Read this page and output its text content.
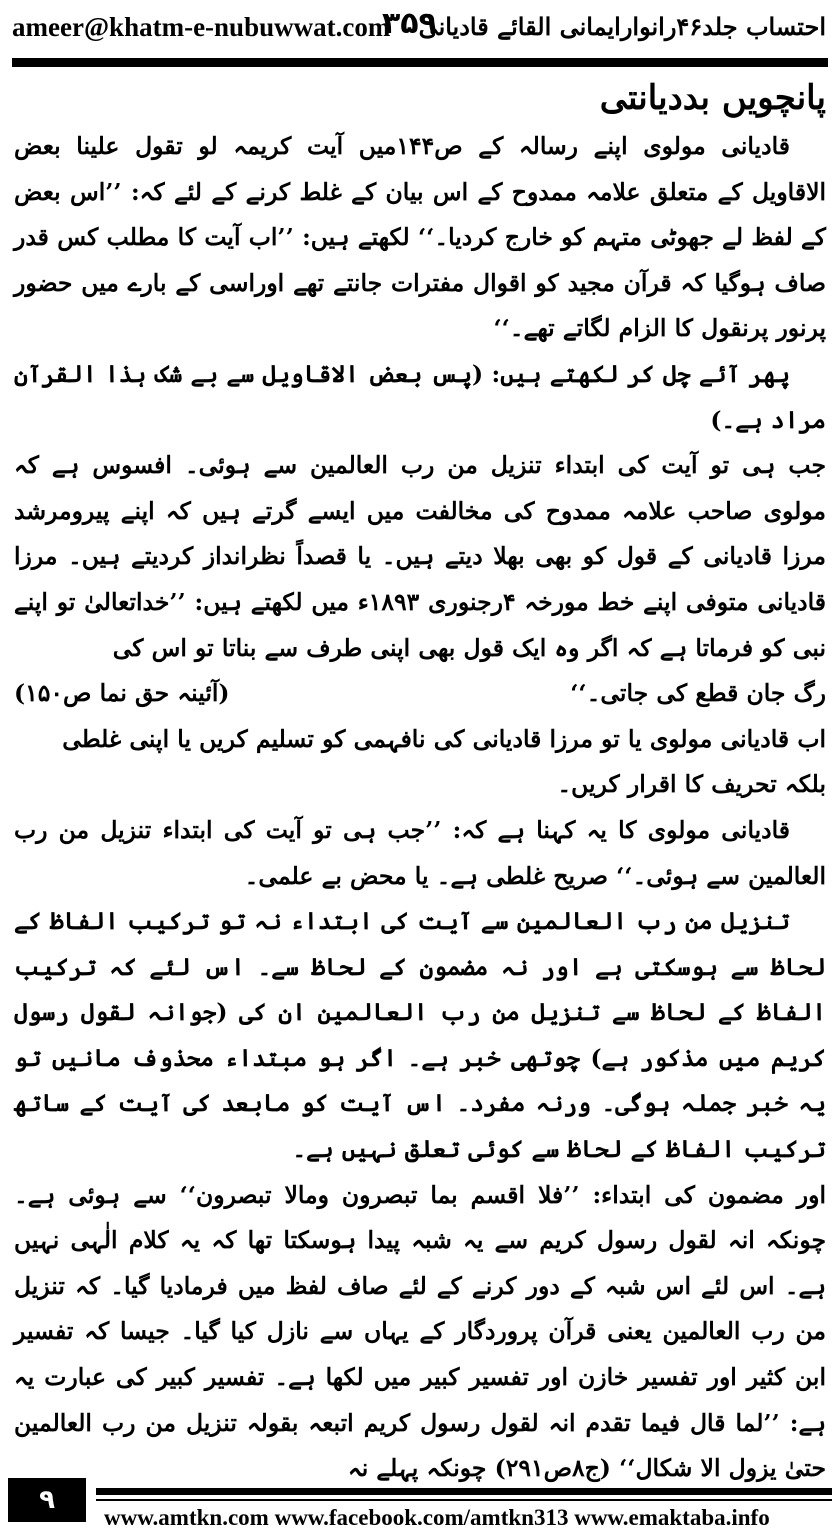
ameer@khatm-e-nubuwwat.com
۳۵۹
احتساب جلد۴۶رانوارایمانی القائے قادیانی
پانچویں بددیانتی

قادیانی مولوی اپنے رسالہ کے ص۱۴۴میں آیت کریمہ لو تقول علینا بعض الاقاویل کے متعلق علامہ ممدوح کے اس بیان کے غلط کرنے کے لئے کہ: ’’اس بعض کے لفظ لے جھوٹی متہم کو خارج کردیا۔‘‘ لکھتے ہیں: ’’اب آیت کا مطلب کس قدر صاف ہوگیا کہ قرآن مجید کو اقوال مفترات جانتے تھے اوراسی کے بارے میں حضور پرنور پرنقول کا الزام لگاتے تھے۔‘‘

پھر آئے چل کر لکھتے ہیں: (پس بعض الاقاویل سے بے شک ہذا القرآن مراد ہے۔)

جب ہی تو آیت کی ابتداء تنزیل من رب العالمین سے ہوئی۔ افسوس ہے کہ مولوی صاحب علامہ ممدوح کی مخالفت میں ایسے گرتے ہیں کہ اپنے پیرومرشد مرزا قادیانی کے قول کو بھی بھلا دیتے ہیں۔ یا قصداً نظرانداز کردیتے ہیں۔ مرزا قادیانی متوفی اپنے خط مورخہ ۴رجنوری ۱۸۹۳ء میں لکھتے ہیں: ’’خداتعالیٰ تو اپنے نبی کو فرماتا ہے کہ اگر وہ ایک قول بھی اپنی طرف سے بناتا تو اس کی

رگ جان قطع کی جاتی۔‘‘
(آئینہ حق نما ص۱۵۰)

اب قادیانی مولوی یا تو مرزا قادیانی کی نافہمی کو تسلیم کریں یا اپنی غلطی بلکہ تحریف کا اقرار کریں۔

قادیانی مولوی کا یہ کہنا ہے کہ: ’’جب ہی تو آیت کی ابتداء تنزیل من رب العالمین سے ہوئی۔‘‘ صریح غلطی ہے۔ یا محض بے علمی۔

تنزیل من رب العالمین سے آیت کی ابتداء نہ تو ترکیب الفاظ کے لحاظ سے ہوسکتی ہے اور نہ مضمون کے لحاظ سے۔ اس لئے کہ ترکیب الفاظ کے لحاظ سے تنزیل من رب العالمین ان کی (جوانہ لقول رسول کریم میں مذکور ہے) چوتھی خبر ہے۔ اگر ہو مبتداء محذوف مانیں تو یہ خبر جملہ ہوگی۔ ورنہ مفرد۔ اس آیت کو مابعد کی آیت کے ساتھ ترکیب الفاظ کے لحاظ سے کوئی تعلق نہیں ہے۔

اور مضمون کی ابتداء: ’’فلا اقسم بما تبصرون ومالا تبصرون‘‘ سے ہوئی ہے۔ چونکہ انہ لقول رسول کریم سے یہ شبہ پیدا ہوسکتا تھا کہ یہ کلام الٰہی نہیں ہے۔ اس لئے اس شبہ کے دور کرنے کے لئے صاف لفظ میں فرمادیا گیا۔ کہ تنزیل من رب العالمین یعنی قرآن پروردگار کے یہاں سے نازل کیا گیا۔ جیسا کہ تفسیر ابن کثیر اور تفسیر خازن اور تفسیر کبیر میں لکھا ہے۔ تفسیر کبیر کی عبارت یہ ہے: ’’لما قال فیما تقدم انہ لقول رسول کریم اتبعہ بقولہ تنزیل من رب العالمین حتیٰ یزول الا شکال‘‘ (ج۸ص۲۹۱) چونکہ پہلے نہ

۹
www.amtkn.com www.facebook.com/amtkn313 www.emaktaba.info
